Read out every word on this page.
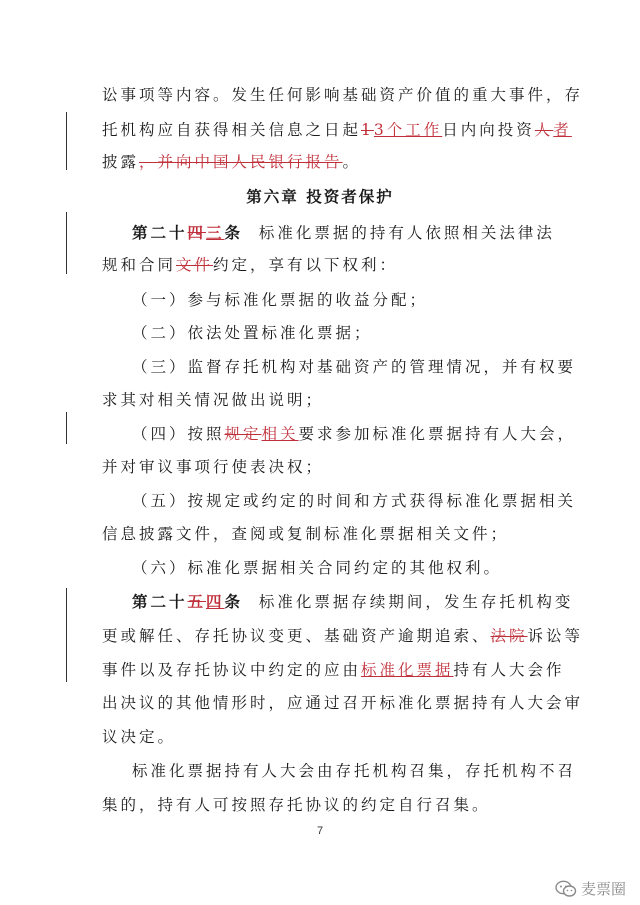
讼事项等内容。发生任何影响基础资产价值的重大事件，存
托机构应自获得相关信息之日起13个工作日内向投资人者
披露，并向中国人民银行报告。
第六章 投资者保护
第二十四三条 标准化票据的持有人依照相关法律法
规和合同文件约定，享有以下权利：
（一）参与标准化票据的收益分配；
（二）依法处置标准化票据；
（三）监督存托机构对基础资产的管理情况，并有权要
求其对相关情况做出说明；
（四）按照规定相关要求参加标准化票据持有人大会，
并对审议事项行使表决权；
（五）按规定或约定的时间和方式获得标准化票据相关
信息披露文件，查阅或复制标准化票据相关文件；
（六）标准化票据相关合同约定的其他权利。
第二十五四条 标准化票据存续期间，发生存托机构变
更或解任、存托协议变更、基础资产逾期追索、法院诉讼等
事件以及存托协议中约定的应由标准化票据持有人大会作
出决议的其他情形时，应通过召开标准化票据持有人大会审
议决定。
标准化票据持有人大会由存托机构召集，存托机构不召
集的，持有人可按照存托协议的约定自行召集。
7
麦票圈
